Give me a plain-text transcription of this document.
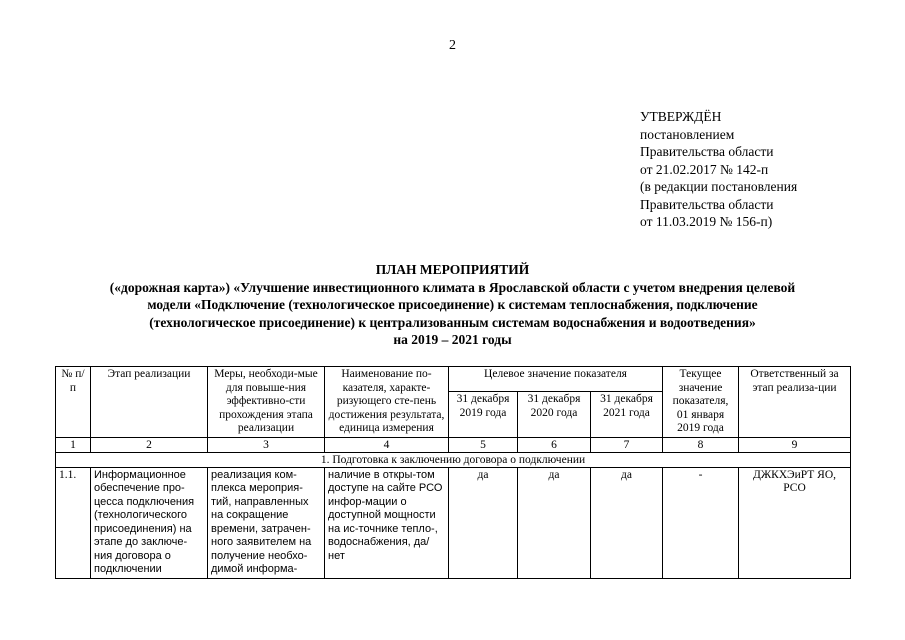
2
УТВЕРЖДЁН
постановлением
Правительства области
от 21.02.2017 № 142-п
(в редакции постановления
Правительства области
от 11.03.2019 № 156-п)
ПЛАН МЕРОПРИЯТИЙ
(«дорожная карта») «Улучшение инвестиционного климата в Ярославской области с учетом внедрения целевой
модели «Подключение (технологическое присоединение) к системам теплоснабжения, подключение
(технологическое присоединение) к централизованным системам водоснабжения и водоотведения»
на 2019 – 2021 годы
№ п/п	Этап реализации	Меры, необходи-мые для повыше-ния эффективно-сти прохождения этапа реализации	Наименование по-казателя, характе-ризующего сте-пень достижения результата, единица измерения	Целевое значение показателя			Текущее значение показателя, 01 января 2019 года	Ответственный за этап реализа-ции
				31 декабря 2019 года	31 декабря 2020 года	31 декабря 2021 года		
1	2	3	4	5	6	7	8	9
1. Подготовка к заключению договора о подключении								
1.1.	Информационное обеспечение про-цесса подключения (технологического присоединения) на этапе до заключе-ния договора о подключении	реализация ком-плекса мероприя-тий, направленных на сокращение времени, затрачен-ного заявителем на получение необхо-димой информа-	наличие в откры-том доступе на сайте РСО инфор-мации о доступной мощности на ис-точнике тепло-, водоснабжения, да/нет	да	да	да	-	ДЖКХЭиРТ ЯО, РСО
